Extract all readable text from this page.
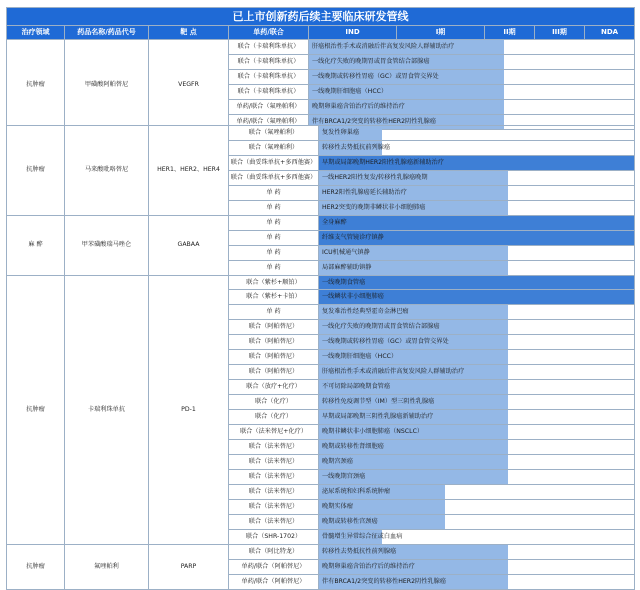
已上市创新药后续主要临床研发管线								
治疗领域	药品名称/药品代号	靶 点	单药/联合	IND	I期	II期	III期	NDA
抗肿瘤	甲磺酸阿帕替尼	VEGFR	联合（卡瑞利珠单抗）	肝癌根治性手术或消融后伴高复发风险人群辅助治疗				

			联合（卡瑞利珠单抗）	一线化疗失败的晚期胃或胃食管结合部腺癌				

			联合（卡瑞利珠单抗）	一线晚期或转移性胃癌（GC）或胃食管交界处				

			联合（卡瑞利珠单抗）	一线晚期肝细胞癌（HCC）				

			单药/联合（氟唑帕利）	晚期卵巢癌含铂治疗后的维持治疗				

			单药/联合（氟唑帕利）	伴有BRCA1/2突变的转移性HER2阴性乳腺癌				
抗肿瘤	马来酸吡咯替尼	HER1、HER2、HER4	联合（氟唑帕利）	复发性卵巢癌

			联合（氟唑帕利）	转移性去势抵抗前列腺癌

			联合（曲妥珠单抗+多西他赛）	早期或局部晚期HER2阳性乳腺癌新辅助治疗

			联合（曲妥珠单抗+多西他赛）	一线HER2阳性复发/转移性乳腺癌晚期

			单 药	HER2阳性乳腺癌延长辅助治疗

			单 药	HER2突变的晚期非鳞状非小细胞肺癌

麻 醉	甲苯磺酸瑞马唑仑	GABAA	单 药	全身麻醉

			单 药	纤维支气管镜诊疗镇静

			单 药	ICU机械通气镇静

			单 药	局部麻醉辅助镇静

抗肿瘤	卡瑞利珠单抗	PD-1	联合（紫杉+顺铂）	一线晚期食管癌

			联合（紫杉+卡铂）	一线鳞状非小细胞肺癌

			单 药	复发难治性经典型霍奇金淋巴瘤

			联合（阿帕替尼）	一线化疗失败的晚期胃或胃食管结合部腺癌

			联合（阿帕替尼）	一线晚期或转移性胃癌（GC）或胃食管交界处

			联合（阿帕替尼）	一线晚期肝细胞癌（HCC）

			联合（阿帕替尼）	肝癌根治性手术或消融后伴高复发风险人群辅助治疗

			联合（放疗+化疗）	不可切除局部晚期食管癌

			联合（化疗）	转移性免疫调节型（IM）型三阴性乳腺癌

			联合（化疗）	早期或局部晚期三阴性乳腺癌新辅助治疗

			联合（法米替尼+化疗）	晚期非鳞状非小细胞肺癌（NSCLC）

			联合（法米替尼）	晚期或转移性肾细胞癌

			联合（法米替尼）	晚期宫颈癌

			联合（法米替尼）	一线晚期宫颈癌

			联合（法米替尼）	泌尿系统和妇科系统肿瘤

			联合（法米替尼）	晚期实体瘤

			联合（法米替尼）	晚期或转移性宫颈癌

			联合（SHR-1702）	骨髓增生异常综合征或白血病

抗肿瘤	氟唑帕利	PARP	联合（阿比特龙）	转移性去势抵抗性前列腺癌

			单药/联合（阿帕替尼）	晚期卵巢癌含铂治疗后的维持治疗

			单药/联合（阿帕替尼）	伴有BRCA1/2突变的转移性HER2阴性乳腺癌
